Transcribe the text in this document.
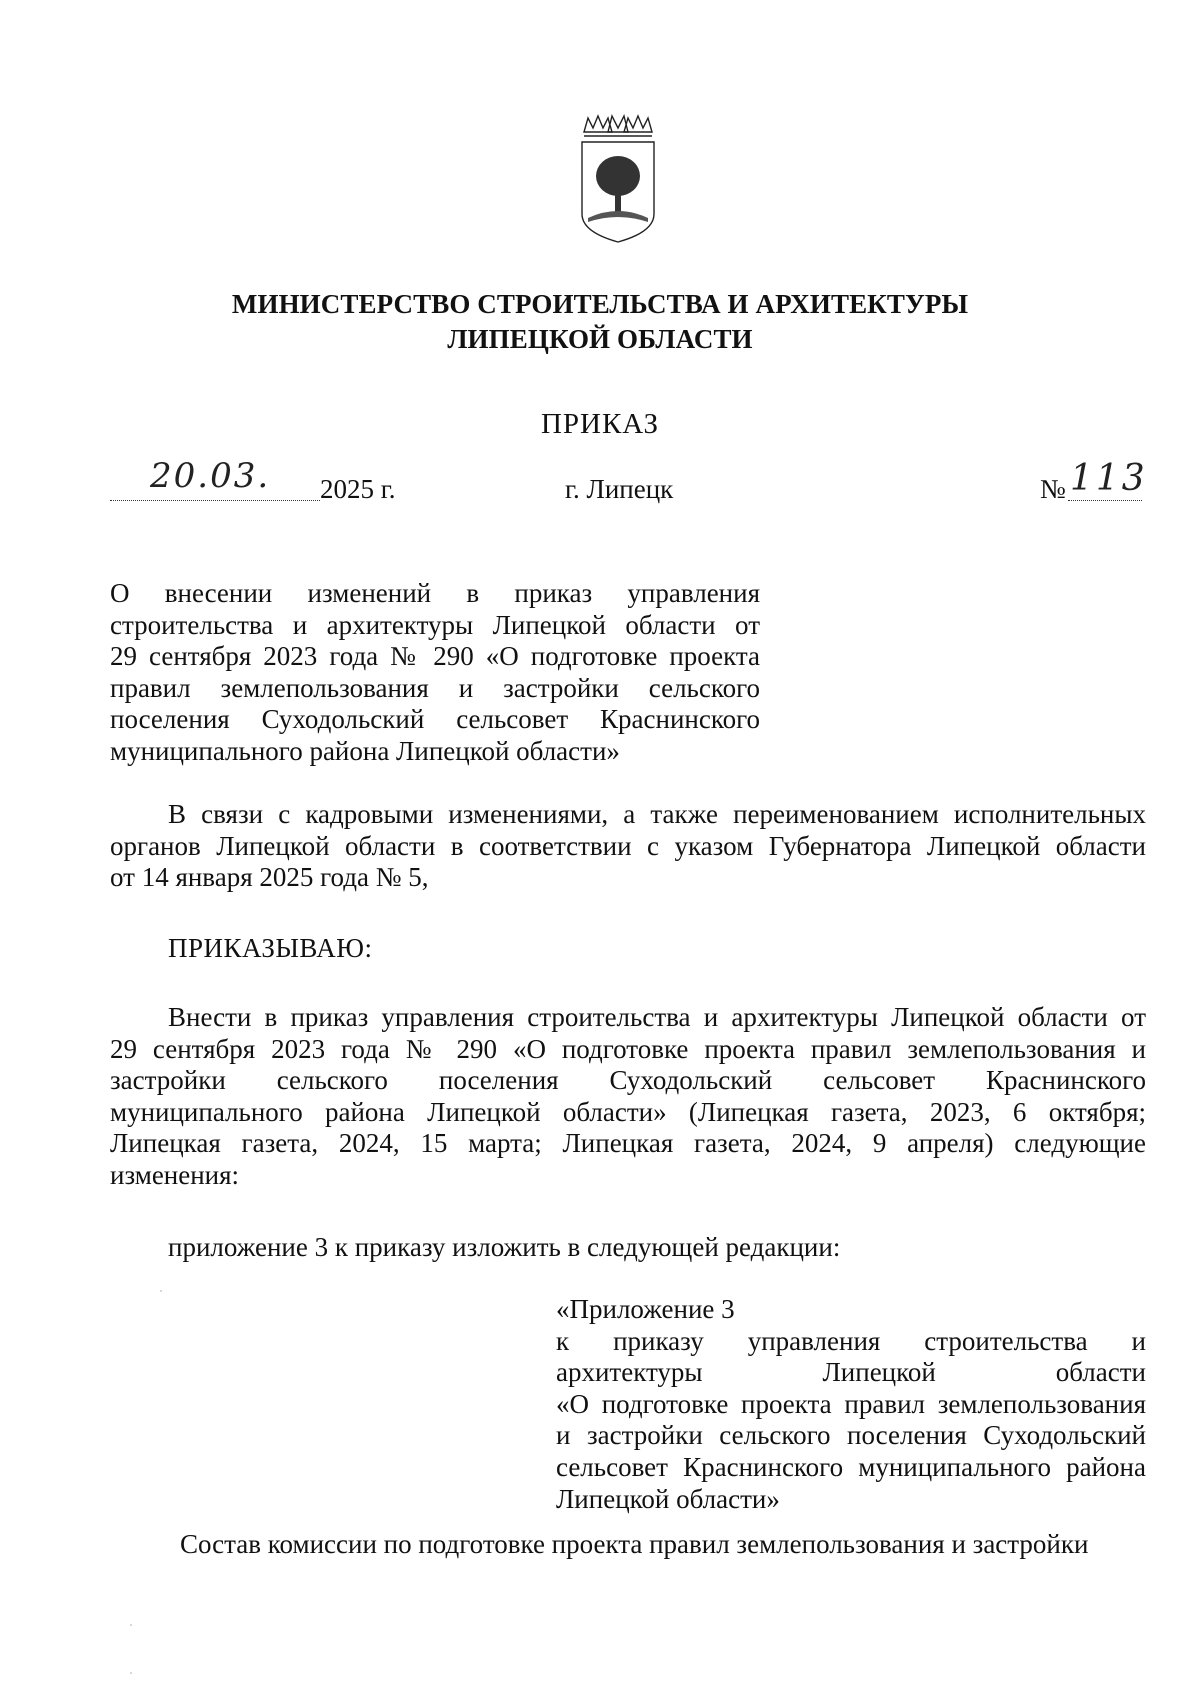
МИНИСТЕРСТВО СТРОИТЕЛЬСТВА И АРХИТЕКТУРЫ
ЛИПЕЦКОЙ ОБЛАСТИ
ПРИКАЗ
20.03. 2025 г.	г. Липецк	№ 113
О внесении изменений в приказ управления
строительства и архитектуры Липецкой области от
29 сентября 2023 года № 290 «О подготовке проекта
правил землепользования и застройки сельского
поселения Суходольский сельсовет Краснинского
муниципального района Липецкой области»
В связи с кадровыми изменениями, а также переименованием исполнительных
органов Липецкой области в соответствии с указом Губернатора Липецкой области
от 14 января 2025 года № 5,
ПРИКАЗЫВАЮ:
Внести в приказ управления строительства и архитектуры Липецкой области от
29 сентября 2023 года № 290 «О подготовке проекта правил землепользования и
застройки сельского поселения Суходольский сельсовет Краснинского
муниципального района Липецкой области» (Липецкая газета, 2023, 6 октября;
Липецкая газета, 2024, 15 марта; Липецкая газета, 2024, 9 апреля) следующие
изменения:
приложение 3 к приказу изложить в следующей редакции:
«Приложение 3
к приказу управления строительства и
архитектуры Липецкой области
«О подготовке проекта правил землепользования
и застройки сельского поселения Суходольский
сельсовет Краснинского муниципального района
Липецкой области»
Состав комиссии по подготовке проекта правил землепользования и застройки
